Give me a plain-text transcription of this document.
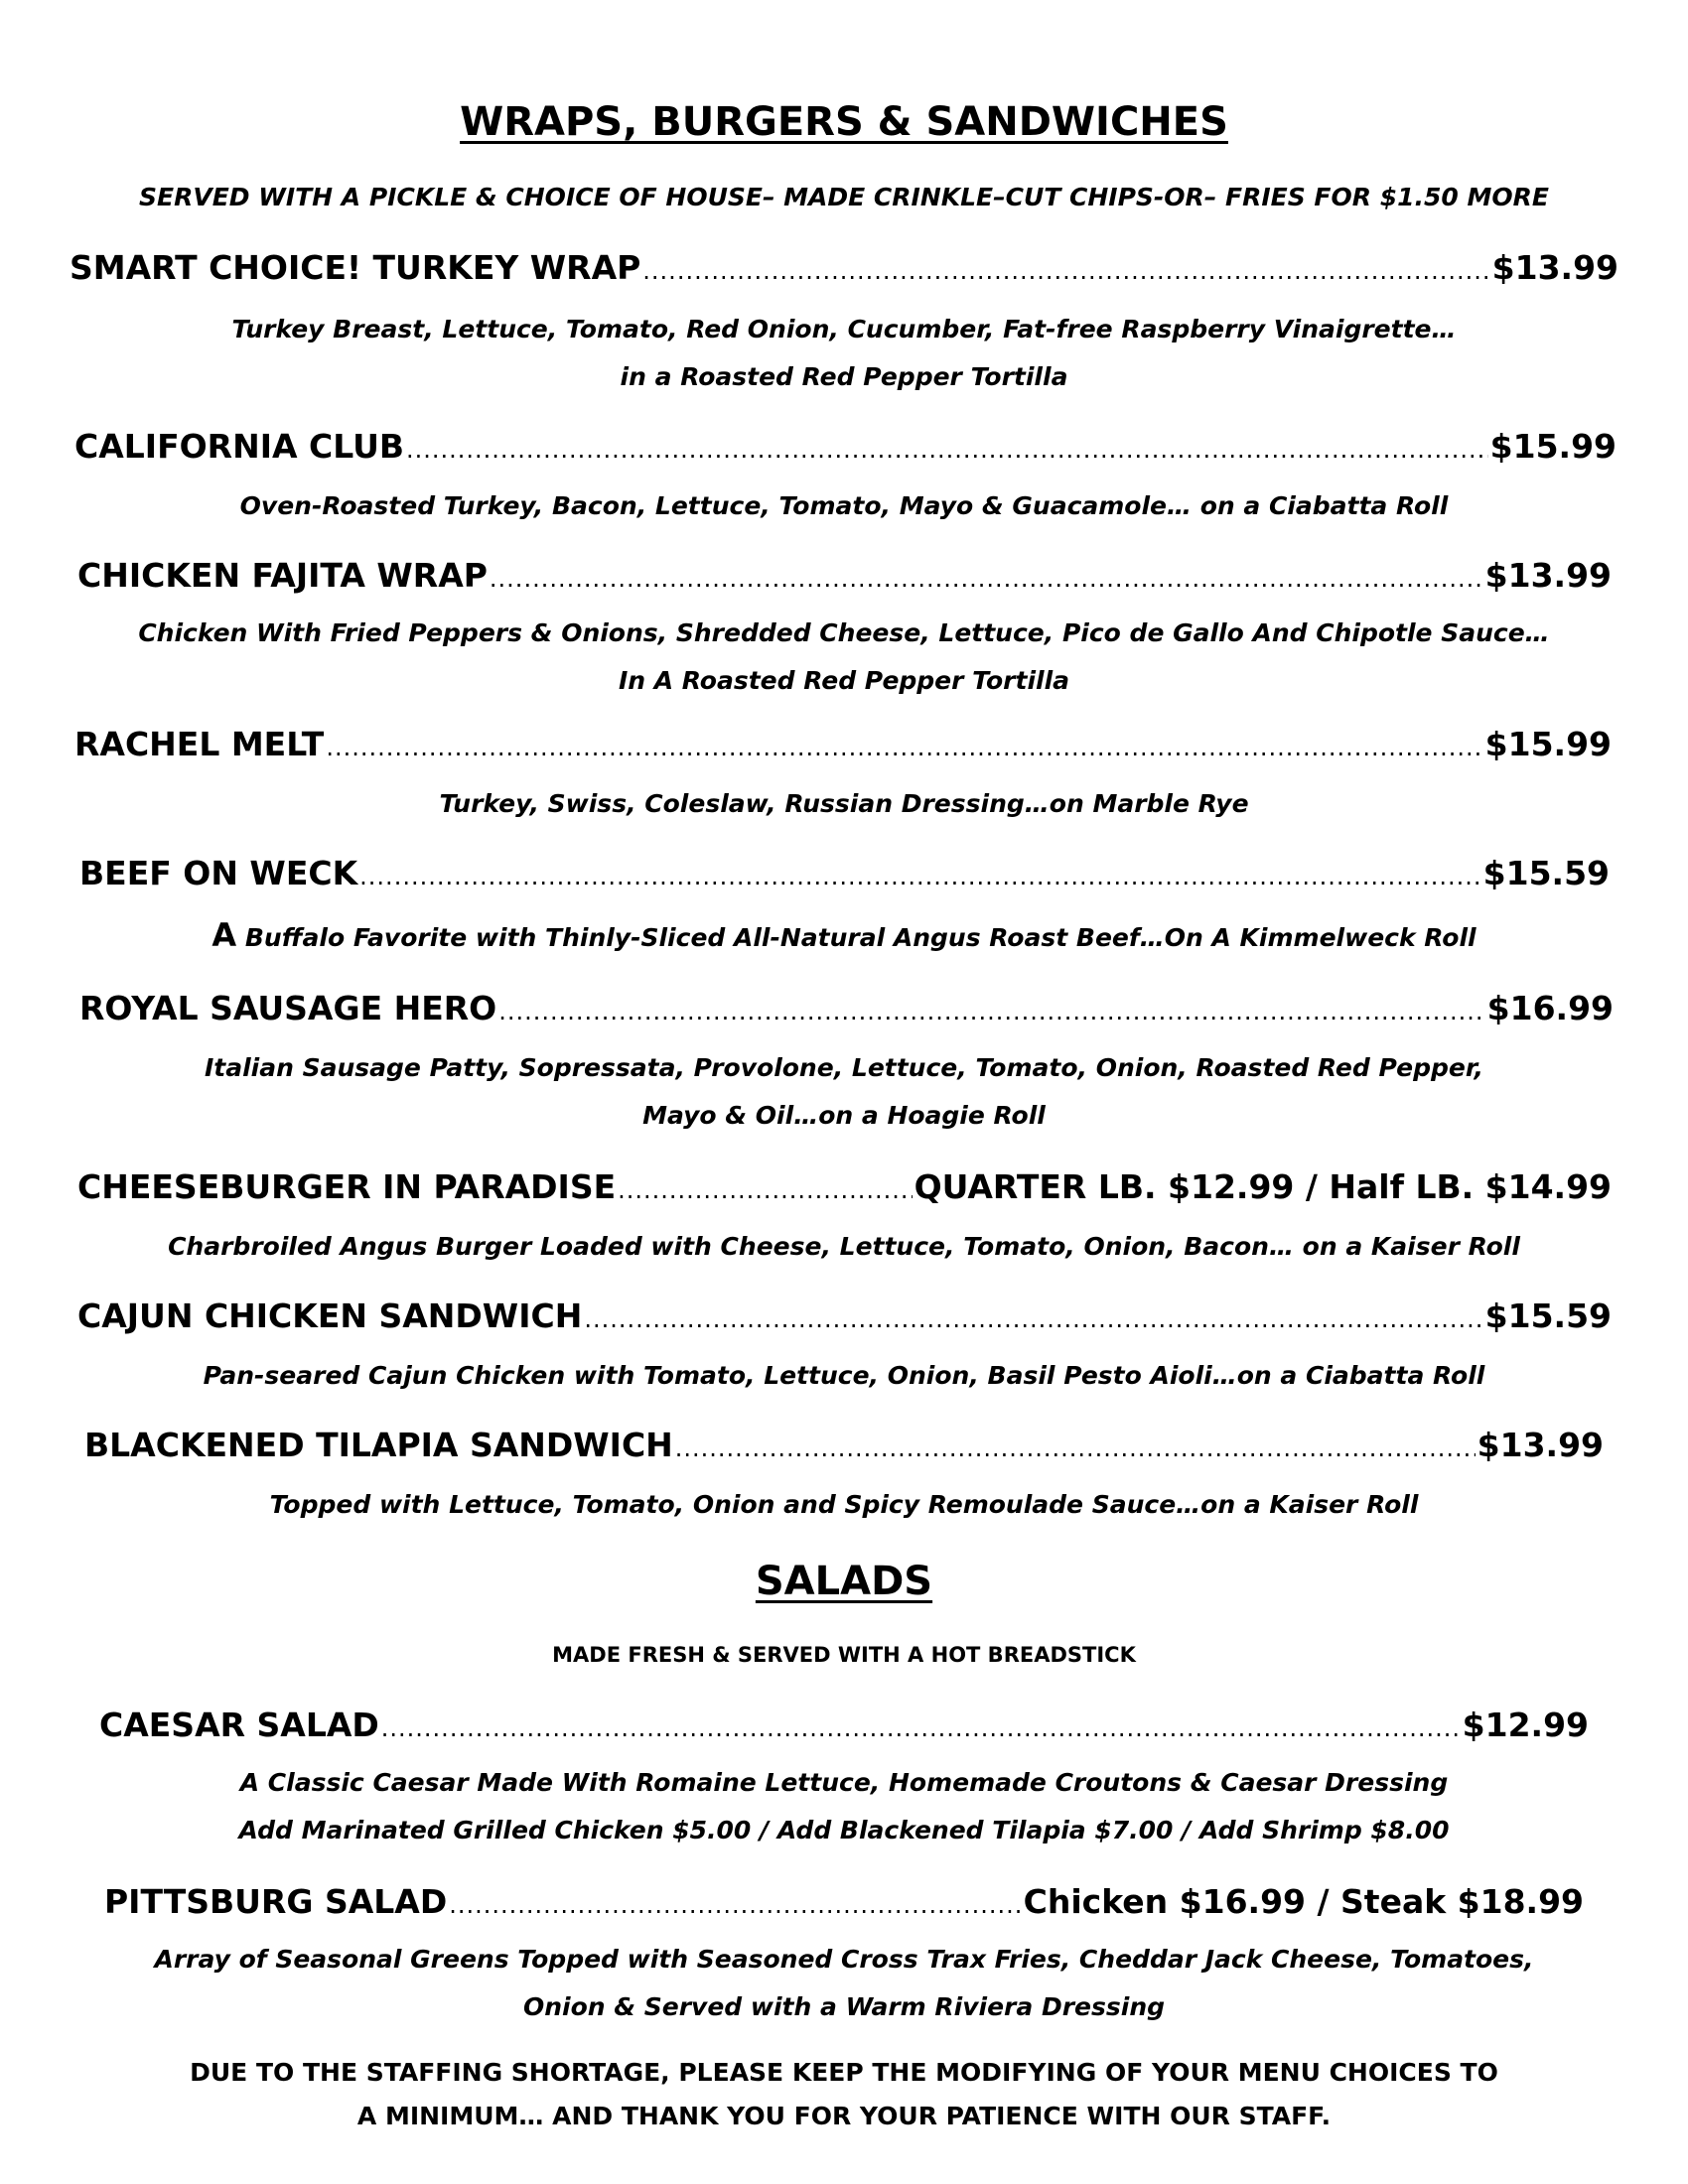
WRAPS, BURGERS & SANDWICHES
SERVED WITH A PICKLE & CHOICE OF HOUSE– MADE CRINKLE–CUT CHIPS-OR– FRIES FOR $1.50 MORE
SMART CHOICE! TURKEY WRAP .....	$13.99
Turkey Breast, Lettuce, Tomato, Red Onion, Cucumber, Fat-free Raspberry Vinaigrette…
in a Roasted Red Pepper Tortilla
CALIFORNIA CLUB .....	$15.99
Oven-Roasted Turkey, Bacon, Lettuce, Tomato, Mayo & Guacamole… on a Ciabatta Roll
CHICKEN FAJITA WRAP .....	$13.99
Chicken With Fried Peppers & Onions, Shredded Cheese, Lettuce, Pico de Gallo And Chipotle Sauce…
In A Roasted Red Pepper Tortilla
RACHEL MELT .....	$15.99
Turkey, Swiss, Coleslaw, Russian Dressing…on Marble Rye
BEEF ON WECK .....	$15.59
A Buffalo Favorite with Thinly-Sliced All-Natural Angus Roast Beef…On A Kimmelweck Roll
ROYAL SAUSAGE HERO .....	$16.99
Italian Sausage Patty, Sopressata, Provolone, Lettuce, Tomato, Onion, Roasted Red Pepper,
Mayo & Oil…on a Hoagie Roll
CHEESEBURGER IN PARADISE .....	QUARTER LB. $12.99 / Half LB. $14.99
Charbroiled Angus Burger Loaded with Cheese, Lettuce, Tomato, Onion, Bacon… on a Kaiser Roll
CAJUN CHICKEN SANDWICH .....	$15.59
Pan-seared Cajun Chicken with Tomato, Lettuce, Onion, Basil Pesto Aioli…on a Ciabatta Roll
BLACKENED TILAPIA SANDWICH .....	$13.99
Topped with Lettuce, Tomato, Onion and Spicy Remoulade Sauce…on a Kaiser Roll
SALADS
MADE FRESH & SERVED WITH A HOT BREADSTICK
CAESAR SALAD .....	$12.99
A Classic Caesar Made With Romaine Lettuce, Homemade Croutons & Caesar Dressing
Add Marinated Grilled Chicken $5.00 / Add Blackened Tilapia $7.00 / Add Shrimp $8.00
PITTSBURG SALAD .....	Chicken $16.99 / Steak $18.99
Array of Seasonal Greens Topped with Seasoned Cross Trax Fries, Cheddar Jack Cheese, Tomatoes,
Onion & Served with a Warm Riviera Dressing
DUE TO THE STAFFING SHORTAGE, PLEASE KEEP THE MODIFYING OF YOUR MENU CHOICES TO
A MINIMUM… AND THANK YOU FOR YOUR PATIENCE WITH OUR STAFF.
